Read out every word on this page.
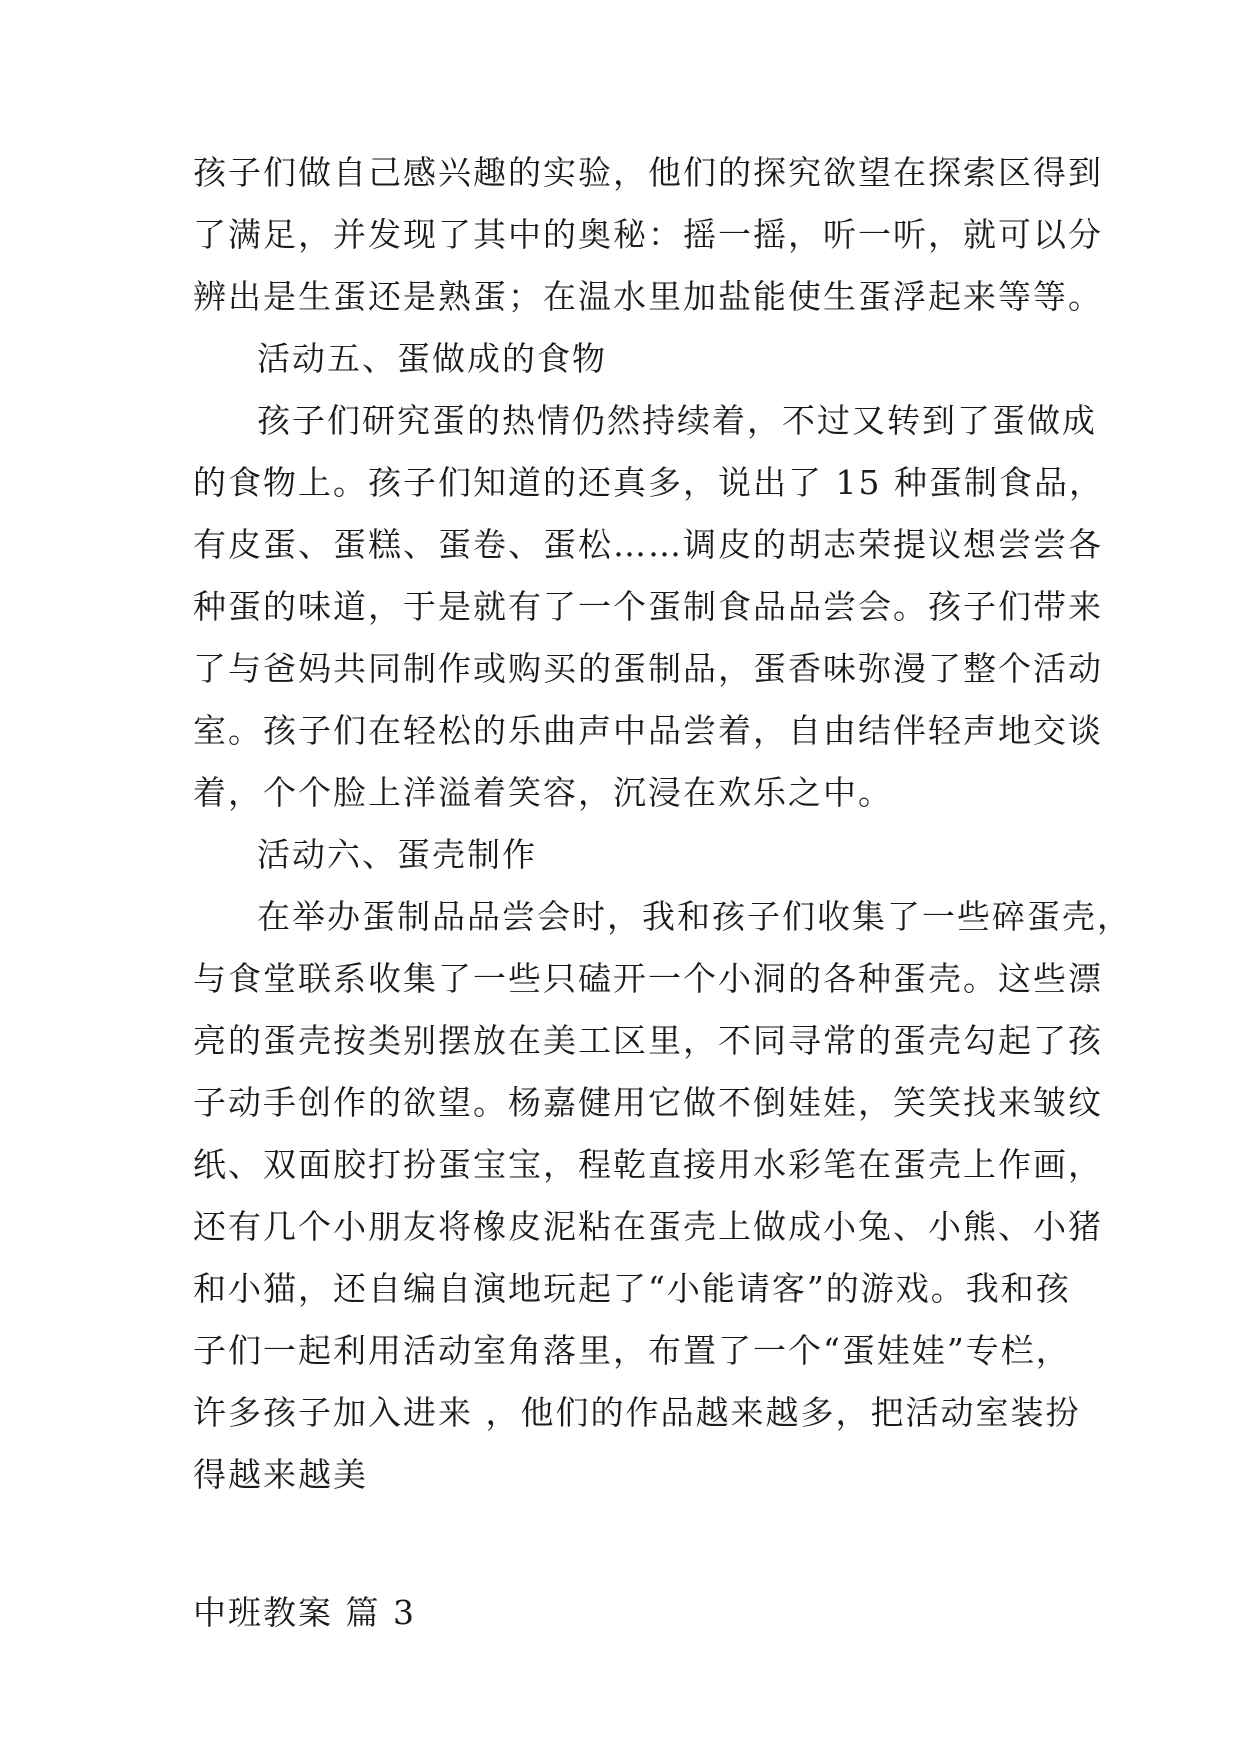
孩子们做自己感兴趣的实验，他们的探究欲望在探索区得到
了满足，并发现了其中的奥秘：摇一摇，听一听，就可以分
辨出是生蛋还是熟蛋；在温水里加盐能使生蛋浮起来等等。
活动五、蛋做成的食物
孩子们研究蛋的热情仍然持续着，不过又转到了蛋做成
的食物上。孩子们知道的还真多，说出了 15 种蛋制食品，
有皮蛋、蛋糕、蛋卷、蛋松……调皮的胡志荣提议想尝尝各
种蛋的味道，于是就有了一个蛋制食品品尝会。孩子们带来
了与爸妈共同制作或购买的蛋制品，蛋香味弥漫了整个活动
室。孩子们在轻松的乐曲声中品尝着，自由结伴轻声地交谈
着，个个脸上洋溢着笑容，沉浸在欢乐之中。
活动六、蛋壳制作
在举办蛋制品品尝会时，我和孩子们收集了一些碎蛋壳，
与食堂联系收集了一些只磕开一个小洞的各种蛋壳。这些漂
亮的蛋壳按类别摆放在美工区里，不同寻常的蛋壳勾起了孩
子动手创作的欲望。杨嘉健用它做不倒娃娃，笑笑找来皱纹
纸、双面胶打扮蛋宝宝，程乾直接用水彩笔在蛋壳上作画，
还有几个小朋友将橡皮泥粘在蛋壳上做成小兔、小熊、小猪
和小猫，还自编自演地玩起了“小能请客”的游戏。我和孩
子们一起利用活动室角落里，布置了一个“蛋娃娃”专栏，
许多孩子加入进来 ，他们的作品越来越多，把活动室装扮
得越来越美
中班教案 篇 3
